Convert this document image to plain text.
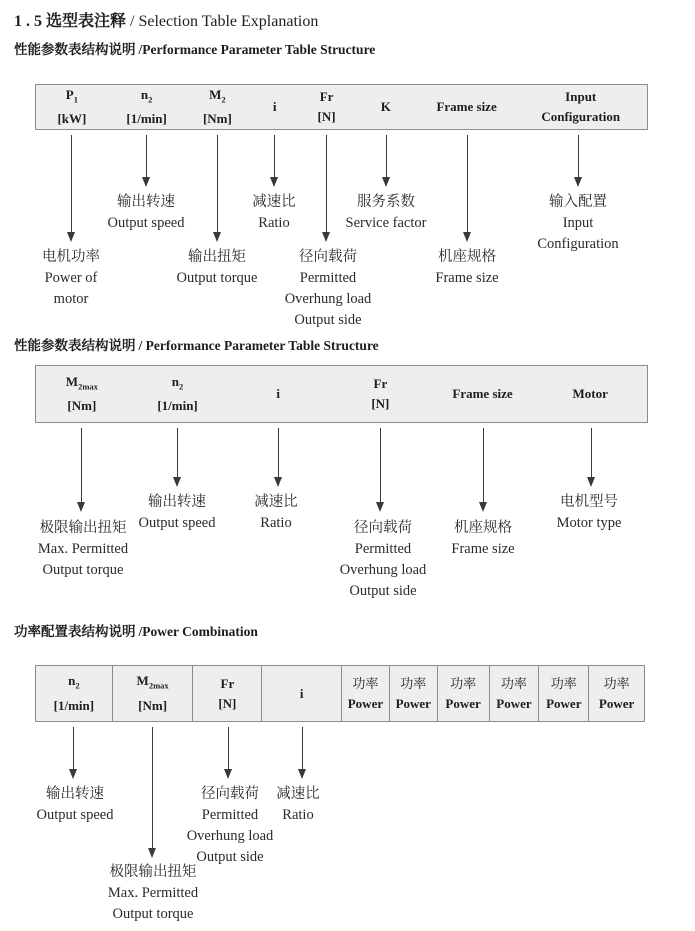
1 . 5 选型表注释 / Selection Table Explanation
性能参数表结构说明 /Performance Parameter Table Structure
$P_1$
[kW]
$n_2$
[1/min]
$M_2$
[Nm]
i
Fr
[N]
K	Frame size
Input
Configuration
输出转速
Output speed
减速比
Ratio
服务系数
Service factor
输入配置
Input
Configuration
电机功率
Power of
motor
输出扭矩
Output torque
径向载荷
Permitted
Overhung load
Output side
机座规格
Frame size
性能参数表结构说明 / Performance Parameter Table Structure
$M_{2max}$
[Nm]
$n_2$
[1/min]
i
Fr
[N]
Frame size	Motor
输出转速
Output speed
减速比
Ratio
电机型号
Motor type
极限输出扭矩
Max. Permitted
Output torque
径向载荷
Permitted
Overhung load
Output side
机座规格
Frame size
功率配置表结构说明 /Power Combination
$n_2$
[1/min]
$M_{2max}$
[Nm]
Fr
[N]
i
功率
Power
功率
Power
功率
Power
功率
Power
功率
Power
功率
Power
输出转速
Output speed
径向载荷
Permitted
Overhung load
Output side
减速比
Ratio
极限输出扭矩
Max. Permitted
Output torque
